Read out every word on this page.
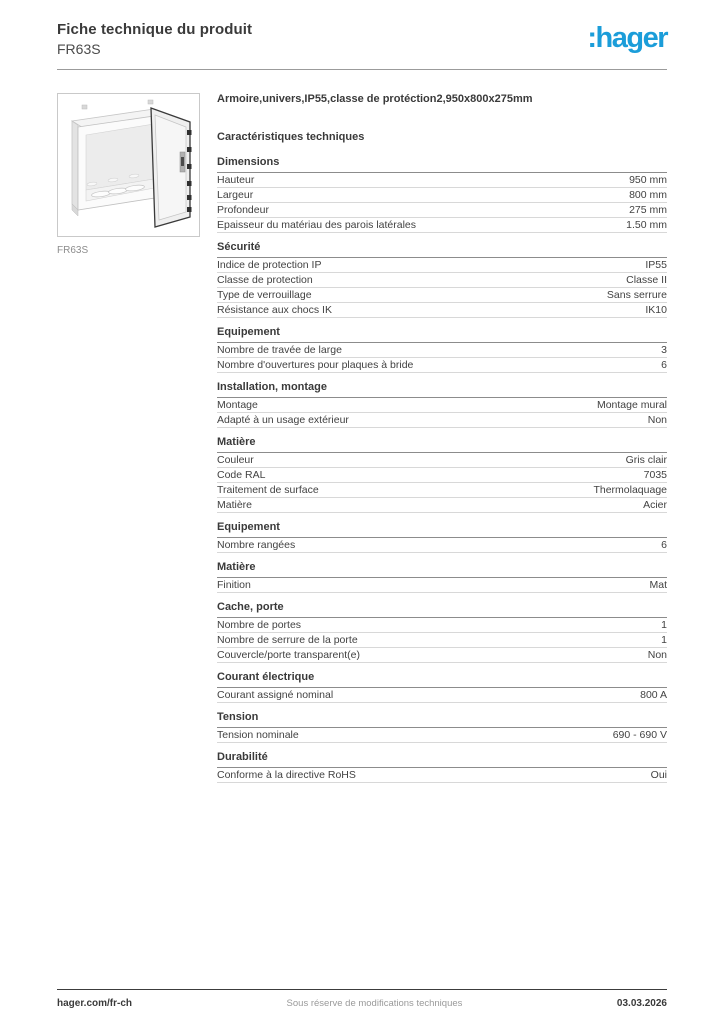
Fiche technique du produit
FR63S	:hager
FR63S
Armoire,univers,IP55,classe de protéction2,950x800x275mm
Caractéristiques techniques
Dimensions
Hauteur	950 mm
Largeur	800 mm
Profondeur	275 mm
Epaisseur du matériau des parois latérales	1.50 mm
Sécurité
Indice de protection IP	IP55
Classe de protection	Classe II
Type de verrouillage	Sans serrure
Résistance aux chocs IK	IK10
Equipement
Nombre de travée de large	3
Nombre d'ouvertures pour plaques à bride	6
Installation, montage
Montage	Montage mural
Adapté à un usage extérieur	Non
Matière
Couleur	Gris clair
Code RAL	7035
Traitement de surface	Thermolaquage
Matière	Acier
Equipement
Nombre rangées	6
Matière
Finition	Mat
Cache, porte
Nombre de portes	1
Nombre de serrure de la porte	1
Couvercle/porte transparent(e)	Non
Courant électrique
Courant assigné nominal	800 A
Tension
Tension nominale	690 - 690 V
Durabilité
Conforme à la directive RoHS	Oui
hager.com/fr-ch	Sous réserve de modifications techniques	03.03.2026
